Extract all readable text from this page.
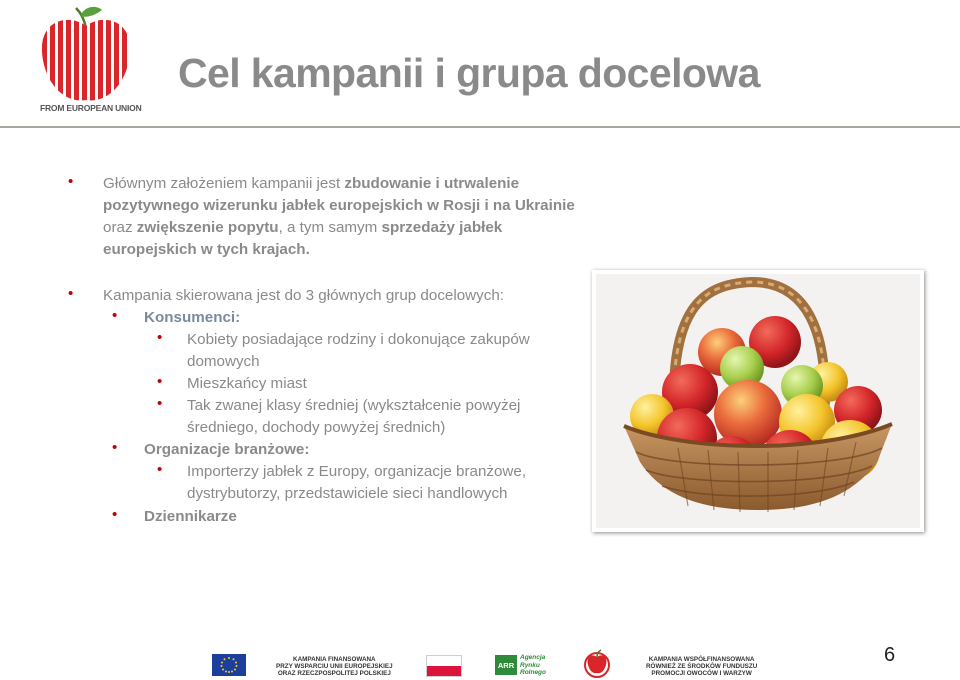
FROM EUROPEAN UNION
Cel kampanii i grupa docelowa
• Głównym założeniem kampanii jest zbudowanie i utrwalenie
pozytywnego wizerunku jabłek europejskich w Rosji i na Ukrainie
oraz zwiększenie popytu, a tym samym sprzedaży jabłek
europejskich w tych krajach.
• Kampania skierowana jest do 3 głównych grup docelowych:
• Konsumenci:
• Kobiety posiadające rodziny i dokonujące zakupów
domowych
• Mieszkańcy miast
• Tak zwanej klasy średniej (wykształcenie powyżej
średniego, dochody powyżej średnich)
• Organizacje branżowe:
• Importerzy jabłek z Europy, organizacje branżowe,
dystrybutorzy, przedstawiciele sieci handlowych
• Dziennikarze
KAMPANIA FINANSOWANA
PRZY WSPARCIU UNII EUROPEJSKIEJ
ORAZ RZECZPOSPOLITEJ POLSKIEJ
ARR
Agencja
Rynku
Rolnego
KAMPANIA WSPÓŁFINANSOWANA
RÓWNIEŻ ZE ŚRODKÓW FUNDUSZU
PROMOCJI OWOCÓW I WARZYW
6
